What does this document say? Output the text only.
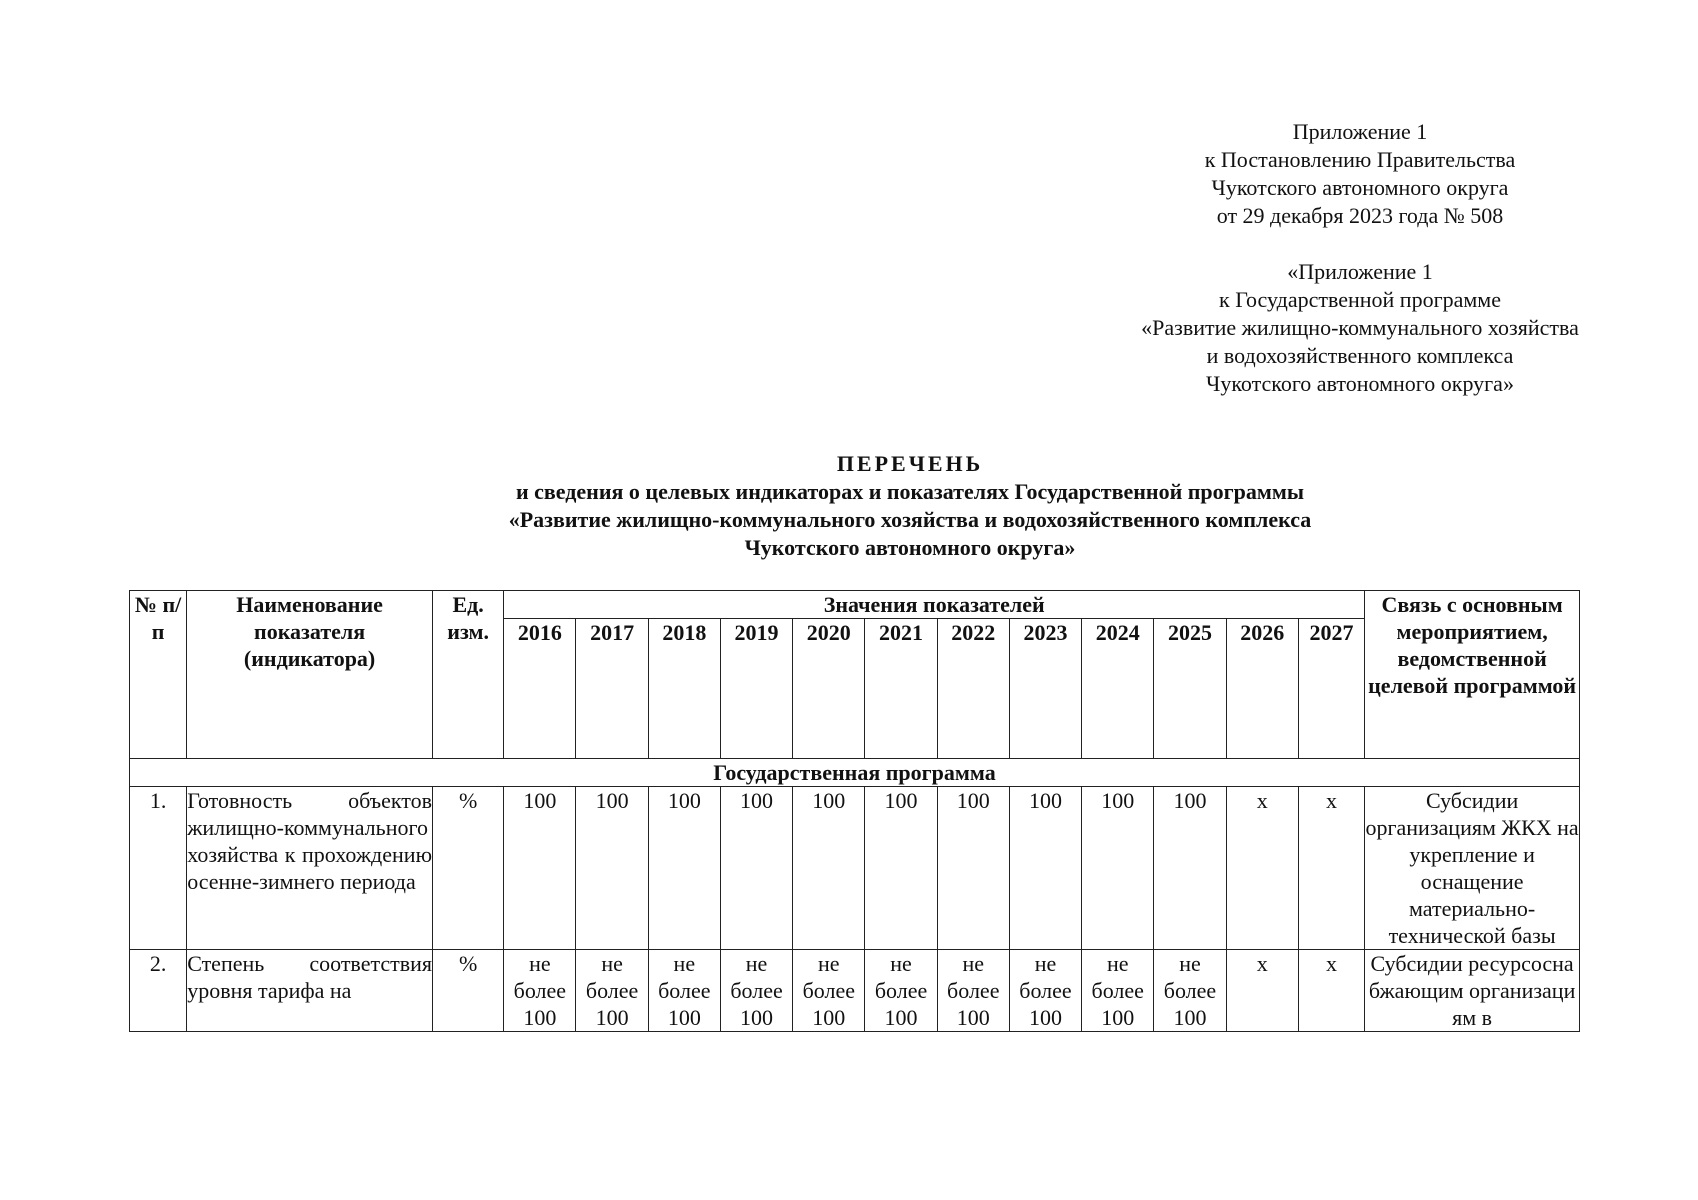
Приложение 1
к Постановлению Правительства
Чукотского автономного округа
от 29 декабря 2023 года № 508
«Приложение 1
к Государственной программе
«Развитие жилищно-коммунального хозяйства
и водохозяйственного комплекса
Чукотского автономного округа»
ПЕРЕЧЕНЬ
и сведения о целевых индикаторах и показателях Государственной программы
«Развитие жилищно-коммунального хозяйства и водохозяйственного комплекса
Чукотского автономного округа»
№ п/п	Наименование показателя (индикатора)	Ед. изм.	Значения показателей												Связь с основным мероприятием, ведомственной целевой программой
			2016	2017	2018	2019	2020	2021	2022	2023	2024	2025	2026	2027	
Государственная программа															
1.	Готовность объектов жилищно-коммунального хозяйства к прохождению осенне-зимнего периода	%	100	100	100	100	100	100	100	100	100	100	x	x	Субсидии организациям ЖКХ на укрепление и оснащение материально-технической базы
2.	Степень соответствия уровня тарифа на	%	не более 100	не более 100	не более 100	не более 100	не более 100	не более 100	не более 100	не более 100	не более 100	не более 100	x	x	Субсидии ресурсоснабжающим организациям в
